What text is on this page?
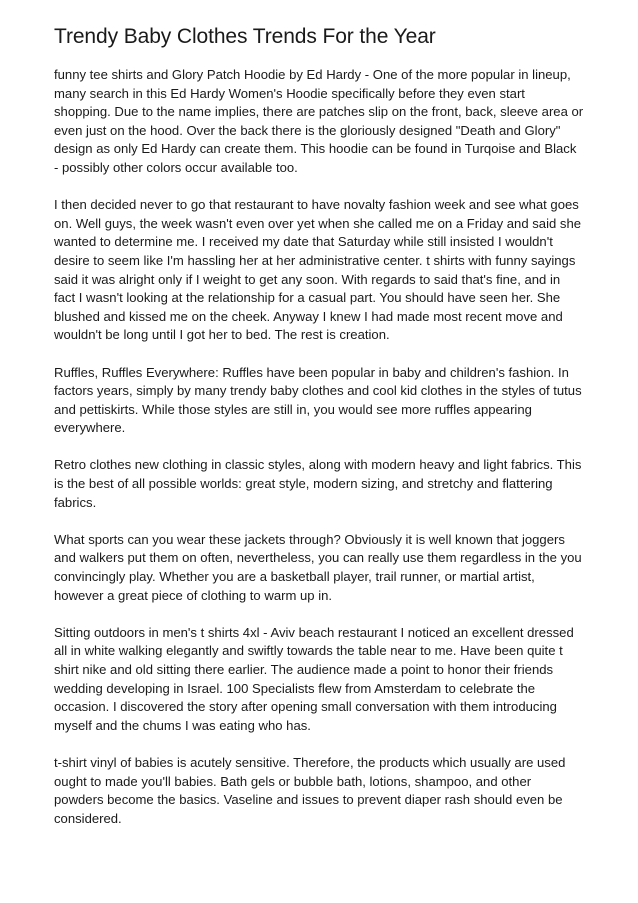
Trendy Baby Clothes Trends For the Year

funny tee shirts and Glory Patch Hoodie by Ed Hardy - One of the more popular in lineup, many search in this Ed Hardy Women's Hoodie specifically before they even start shopping. Due to the name implies, there are patches slip on the front, back, sleeve area or even just on the hood. Over the back there is the gloriously designed "Death and Glory" design as only Ed Hardy can create them. This hoodie can be found in Turqoise and Black - possibly other colors occur available too.

I then decided never to go that restaurant to have novalty fashion week and see what goes on. Well guys, the week wasn't even over yet when she called me on a Friday and said she wanted to determine me. I received my date that Saturday while still insisted I wouldn't desire to seem like I'm hassling her at her administrative center. t shirts with funny sayings said it was alright only if I weight to get any soon. With regards to said that's fine, and in fact I wasn't looking at the relationship for a casual part. You should have seen her. She blushed and kissed me on the cheek. Anyway I knew I had made most recent move and wouldn't be long until I got her to bed. The rest is creation.

Ruffles, Ruffles Everywhere: Ruffles have been popular in baby and children's fashion. In factors years, simply by many trendy baby clothes and cool kid clothes in the styles of tutus and pettiskirts. While those styles are still in, you would see more ruffles appearing everywhere.

Retro clothes new clothing in classic styles, along with modern heavy and light fabrics. This is the best of all possible worlds: great style, modern sizing, and stretchy and flattering fabrics.

What sports can you wear these jackets through? Obviously it is well known that joggers and walkers put them on often, nevertheless, you can really use them regardless in the you convincingly play. Whether you are a basketball player, trail runner, or martial artist, however a great piece of clothing to warm up in.

Sitting outdoors in men's t shirts 4xl - Aviv beach restaurant I noticed an excellent dressed all in white walking elegantly and swiftly towards the table near to me. Have been quite t shirt nike and old sitting there earlier. The audience made a point to honor their friends wedding developing in Israel. 100 Specialists flew from Amsterdam to celebrate the occasion. I discovered the story after opening small conversation with them introducing myself and the chums I was eating who has.

t-shirt vinyl of babies is acutely sensitive. Therefore, the products which usually are used ought to made you'll babies. Bath gels or bubble bath, lotions, shampoo, and other powders become the basics. Vaseline and issues to prevent diaper rash should even be considered.
